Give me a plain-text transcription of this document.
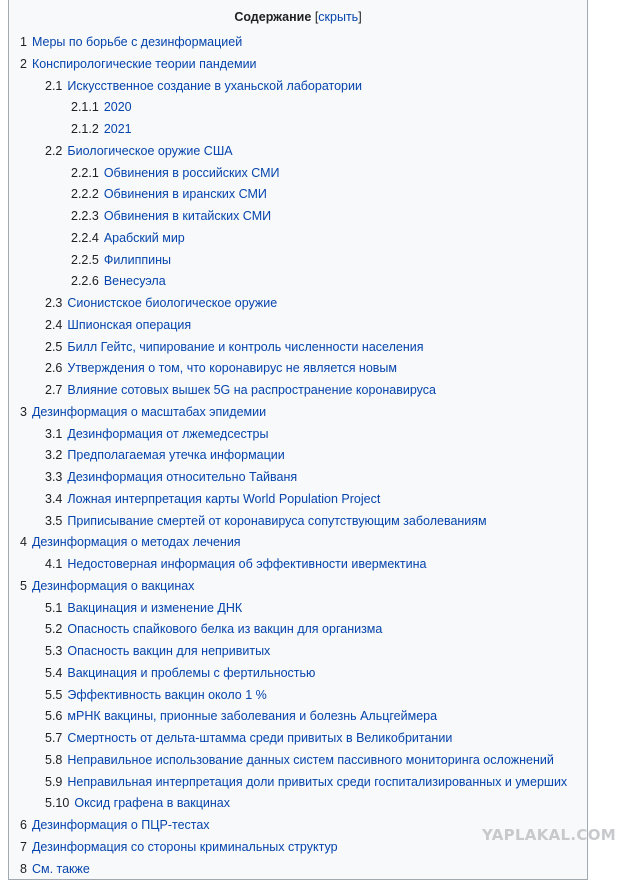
Содержание [скрыть]
1 Меры по борьбе с дезинформацией
2 Конспирологические теории пандемии
2.1 Искусственное создание в уханьской лаборатории
2.1.1 2020
2.1.2 2021
2.2 Биологическое оружие США
2.2.1 Обвинения в российских СМИ
2.2.2 Обвинения в иранских СМИ
2.2.3 Обвинения в китайских СМИ
2.2.4 Арабский мир
2.2.5 Филиппины
2.2.6 Венесуэла
2.3 Сионистское биологическое оружие
2.4 Шпионская операция
2.5 Билл Гейтс, чипирование и контроль численности населения
2.6 Утверждения о том, что коронавирус не является новым
2.7 Влияние сотовых вышек 5G на распространение коронавируса
3 Дезинформация о масштабах эпидемии
3.1 Дезинформация от лжемедсестры
3.2 Предполагаемая утечка информации
3.3 Дезинформация относительно Тайваня
3.4 Ложная интерпретация карты World Population Project
3.5 Приписывание смертей от коронавируса сопутствующим заболеваниям
4 Дезинформация о методах лечения
4.1 Недостоверная информация об эффективности ивермектина
5 Дезинформация о вакцинах
5.1 Вакцинация и изменение ДНК
5.2 Опасность спайкового белка из вакцин для организма
5.3 Опасность вакцин для непривитых
5.4 Вакцинация и проблемы с фертильностью
5.5 Эффективность вакцин около 1 %
5.6 мРНК вакцины, прионные заболевания и болезнь Альцгеймера
5.7 Смертность от дельта-штамма среди привитых в Великобритании
5.8 Неправильное использование данных систем пассивного мониторинга осложнений
5.9 Неправильная интерпретация доли привитых среди госпитализированных и умерших
5.10 Оксид графена в вакцинах
6 Дезинформация о ПЦР-тестах
7 Дезинформация со стороны криминальных структур
8 См. также
YAPLAKAL.COM
